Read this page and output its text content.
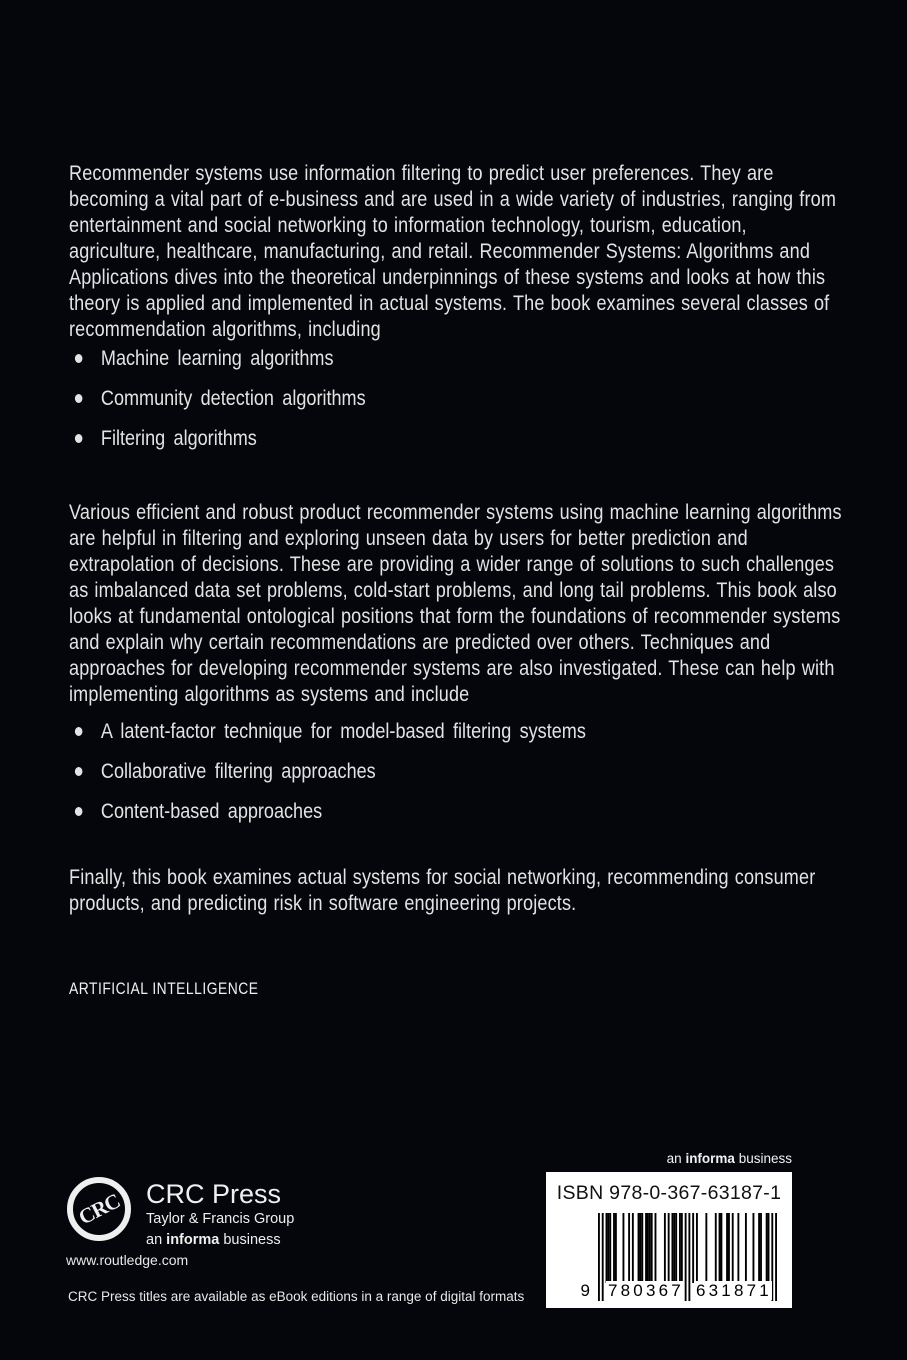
Recommender systems use information filtering to predict user preferences. They are becoming a vital part of e-business and are used in a wide variety of industries, ranging from entertainment and social networking to information technology, tourism, education, agriculture, healthcare, manufacturing, and retail. Recommender Systems: Algorithms and Applications dives into the theoretical underpinnings of these systems and looks at how this theory is applied and implemented in actual systems. The book examines several classes of recommendation algorithms, including

Machine learning algorithms
Community detection algorithms
Filtering algorithms

Various efficient and robust product recommender systems using machine learning algorithms are helpful in filtering and exploring unseen data by users for better prediction and extrapolation of decisions. These are providing a wider range of solutions to such challenges as imbalanced data set problems, cold-start problems, and long tail problems. This book also looks at fundamental ontological positions that form the foundations of recommender systems and explain why certain recommendations are predicted over others. Techniques and approaches for developing recommender systems are also investigated. These can help with implementing algorithms as systems and include

A latent-factor technique for model-based filtering systems
Collaborative filtering approaches
Content-based approaches

Finally, this book examines actual systems for social networking, recommending consumer products, and predicting risk in software engineering projects.

ARTIFICIAL INTELLIGENCE
CRC CRC Press
Taylor & Francis Group
an informa business
www.routledge.com
CRC Press titles are available as eBook editions in a range of digital formats
an informa business
ISBN 978-0-367-63187-1
9 780367 631871
